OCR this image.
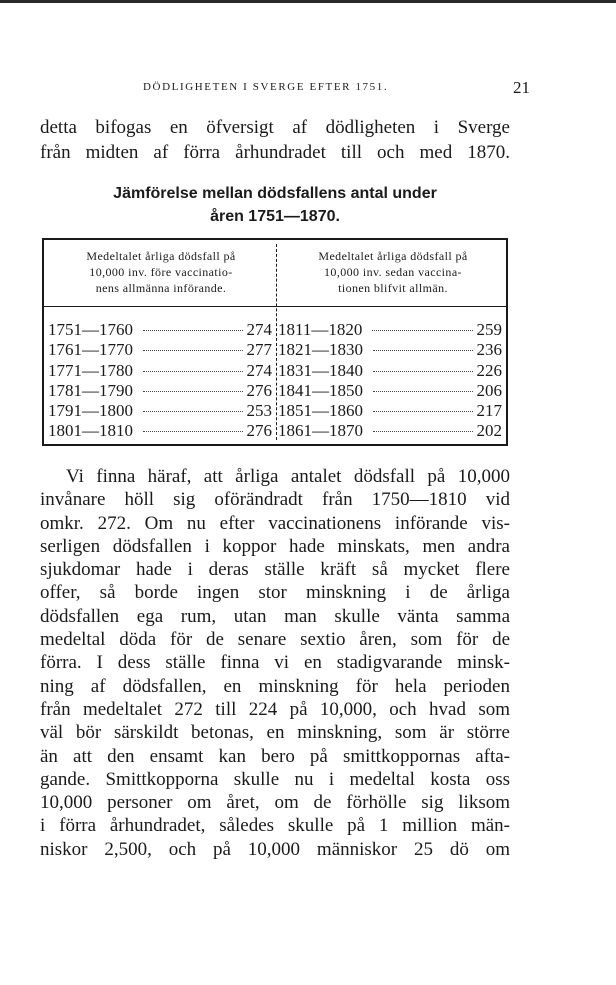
DÖDLIGHETEN I SVERGE EFTER 1751.	21
detta bifogas en öfversigt af dödligheten i Sverge
från midten af förra århundradet till och med 1870.
Jämförelse mellan dödsfallens antal under
åren 1751—1870.
Medeltalet årliga dödsfall på
10,000 inv. före vaccinatio-
nens allmänna införande.
Medeltalet årliga dödsfall på
10,000 inv. sedan vaccina-
tionen blifvit allmän.
1751—1760	274 1811—1820	259
1761—1770	277 1821—1830	236
1771—1780	274 1831—1840	226
1781—1790	276 1841—1850	206
1791—1800	253 1851—1860	217
1801—1810	276 1861—1870	202
Vi finna häraf, att årliga antalet dödsfall på 10,000
invånare höll sig oförändradt från 1750—1810 vid
omkr. 272. Om nu efter vaccinationens införande vis-
serligen dödsfallen i koppor hade minskats, men andra
sjukdomar hade i deras ställe kräft så mycket flere
offer, så borde ingen stor minskning i de årliga
dödsfallen ega rum, utan man skulle vänta samma
medeltal döda för de senare sextio åren, som för de
förra. I dess ställe finna vi en stadigvarande minsk-
ning af dödsfallen, en minskning för hela perioden
från medeltalet 272 till 224 på 10,000, och hvad som
väl bör särskildt betonas, en minskning, som är större
än att den ensamt kan bero på smittkoppornas afta-
gande. Smittkopporna skulle nu i medeltal kosta oss
10,000 personer om året, om de förhölle sig liksom
i förra århundradet, således skulle på 1 million män-
niskor 2,500, och på 10,000 människor 25 dö om
